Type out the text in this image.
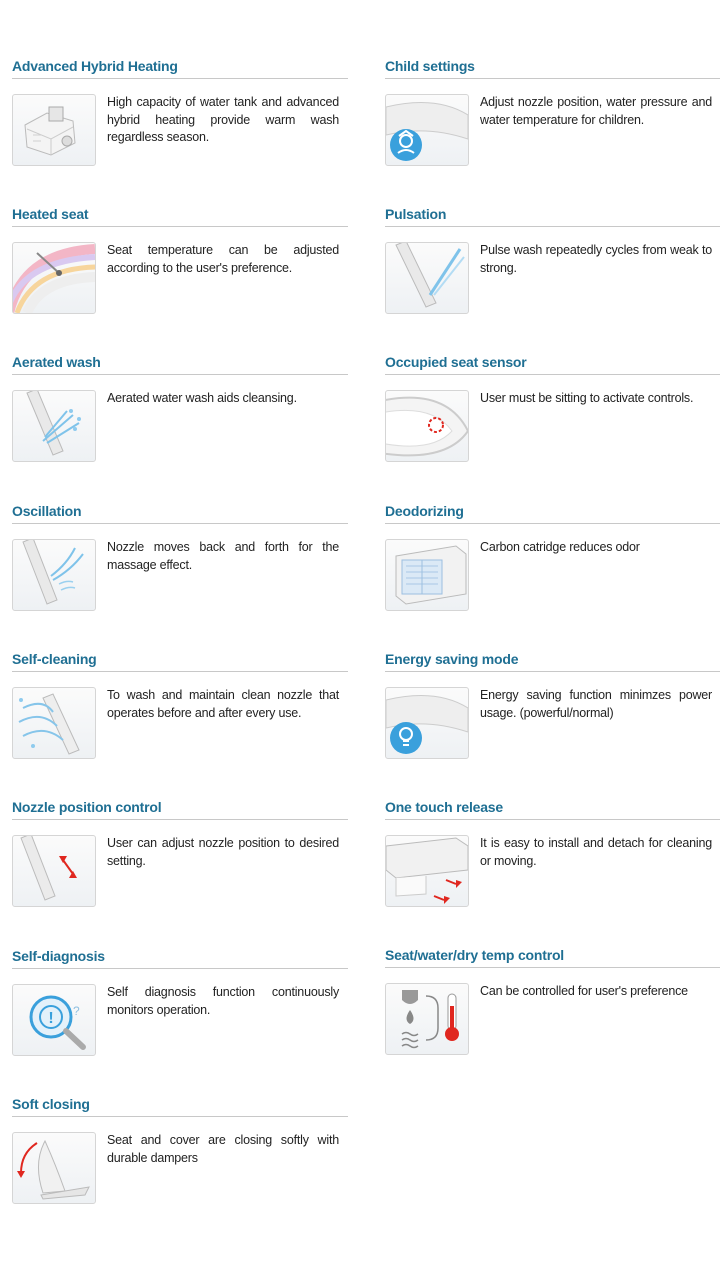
Advanced Hybrid Heating
High capacity of water tank and advanced hybrid heating provide warm wash regardless season.
Heated seat
Seat temperature can be adjusted according to the user's preference.
Aerated wash
Aerated water wash aids cleansing.
Oscillation
Nozzle moves back and forth for the massage effect.
Self-cleaning
To wash and maintain clean nozzle that operates before and after every use.
Nozzle position control
User can adjust nozzle position to desired setting.
Self-diagnosis
! ?
Self diagnosis function continuously monitors operation.
Soft closing
Seat and cover are closing softly with durable dampers
Child settings
Adjust nozzle position, water pressure and water temperature for children.
Pulsation
Pulse wash repeatedly cycles from weak to strong.
Occupied seat sensor
User must be sitting to activate controls.
Deodorizing
Carbon catridge reduces odor
Energy saving mode
Energy saving function minimzes power usage. (powerful/normal)
One touch release
It is easy to install and detach for cleaning or moving.
Seat/water/dry temp control
Can be controlled for user's preference
